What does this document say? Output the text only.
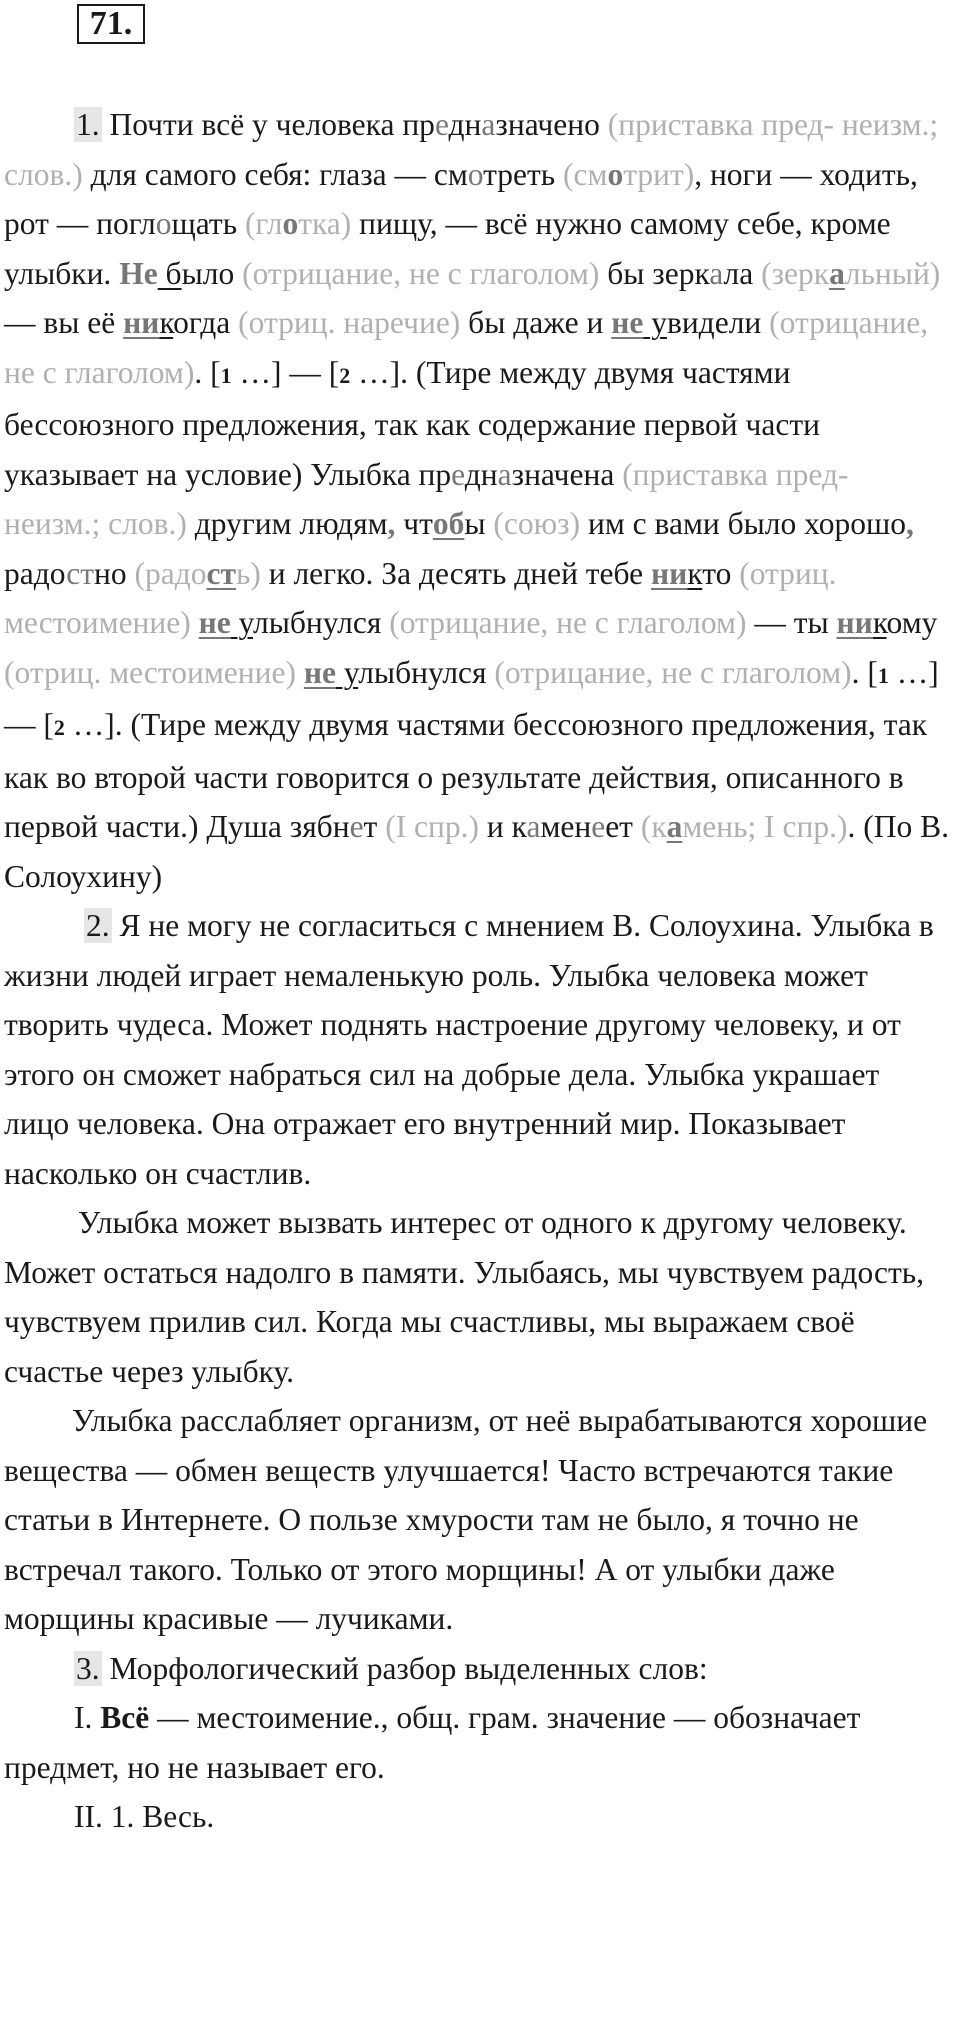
71.

1. Почти всё у человека предназначено (приставка пред- неизм.; слов.) для самого себя: глаза — смотреть (смотрит), ноги — ходить, рот — поглощать (глотка) пищу, — всё нужно самому себе, кроме улыбки. Не было (отрицание, не с глаголом) бы зеркала (зеркальный) — вы её никогда (отриц. наречие) бы даже и не увидели (отрицание, не с глаголом). [1 …] — [2 …]. (Тире между двумя частями бессоюзного предложения, так как содержание первой части указывает на условие) Улыбка предназначена (приставка пред- неизм.; слов.) другим людям, чтобы (союз) им с вами было хорошо, радостно (радость) и легко. За десять дней тебе никто (отриц. местоимение) не улыбнулся (отрицание, не с глаголом) — ты никому (отриц. местоимение) не улыбнулся (отрицание, не с глаголом). [1 …] — [2 …]. (Тире между двумя частями бессоюзного предложения, так как во второй части говорится о результате действия, описанного в первой части.) Душа зябнет (I спр.) и каменеет (камень; I спр.). (По В. Солоухину)

2. Я не могу не согласиться с мнением В. Солоухина. Улыбка в жизни людей играет немаленькую роль. Улыбка человека может творить чудеса. Может поднять настроение другому человеку, и от этого он сможет набраться сил на добрые дела. Улыбка украшает лицо человека. Она отражает его внутренний мир. Показывает насколько он счастлив.

Улыбка может вызвать интерес от одного к другому человеку. Может остаться надолго в памяти. Улыбаясь, мы чувствуем радость, чувствуем прилив сил. Когда мы счастливы, мы выражаем своё счастье через улыбку.

Улыбка расслабляет организм, от неё вырабатываются хорошие вещества — обмен веществ улучшается! Часто встречаются такие статьи в Интернете. О пользе хмурости там не было, я точно не встречал такого. Только от этого морщины! А от улыбки даже морщины красивые — лучиками.

3. Морфологический разбор выделенных слов:

I. Всё — местоимение., общ. грам. значение — обозначает предмет, но не называет его.

II. 1. Весь.
